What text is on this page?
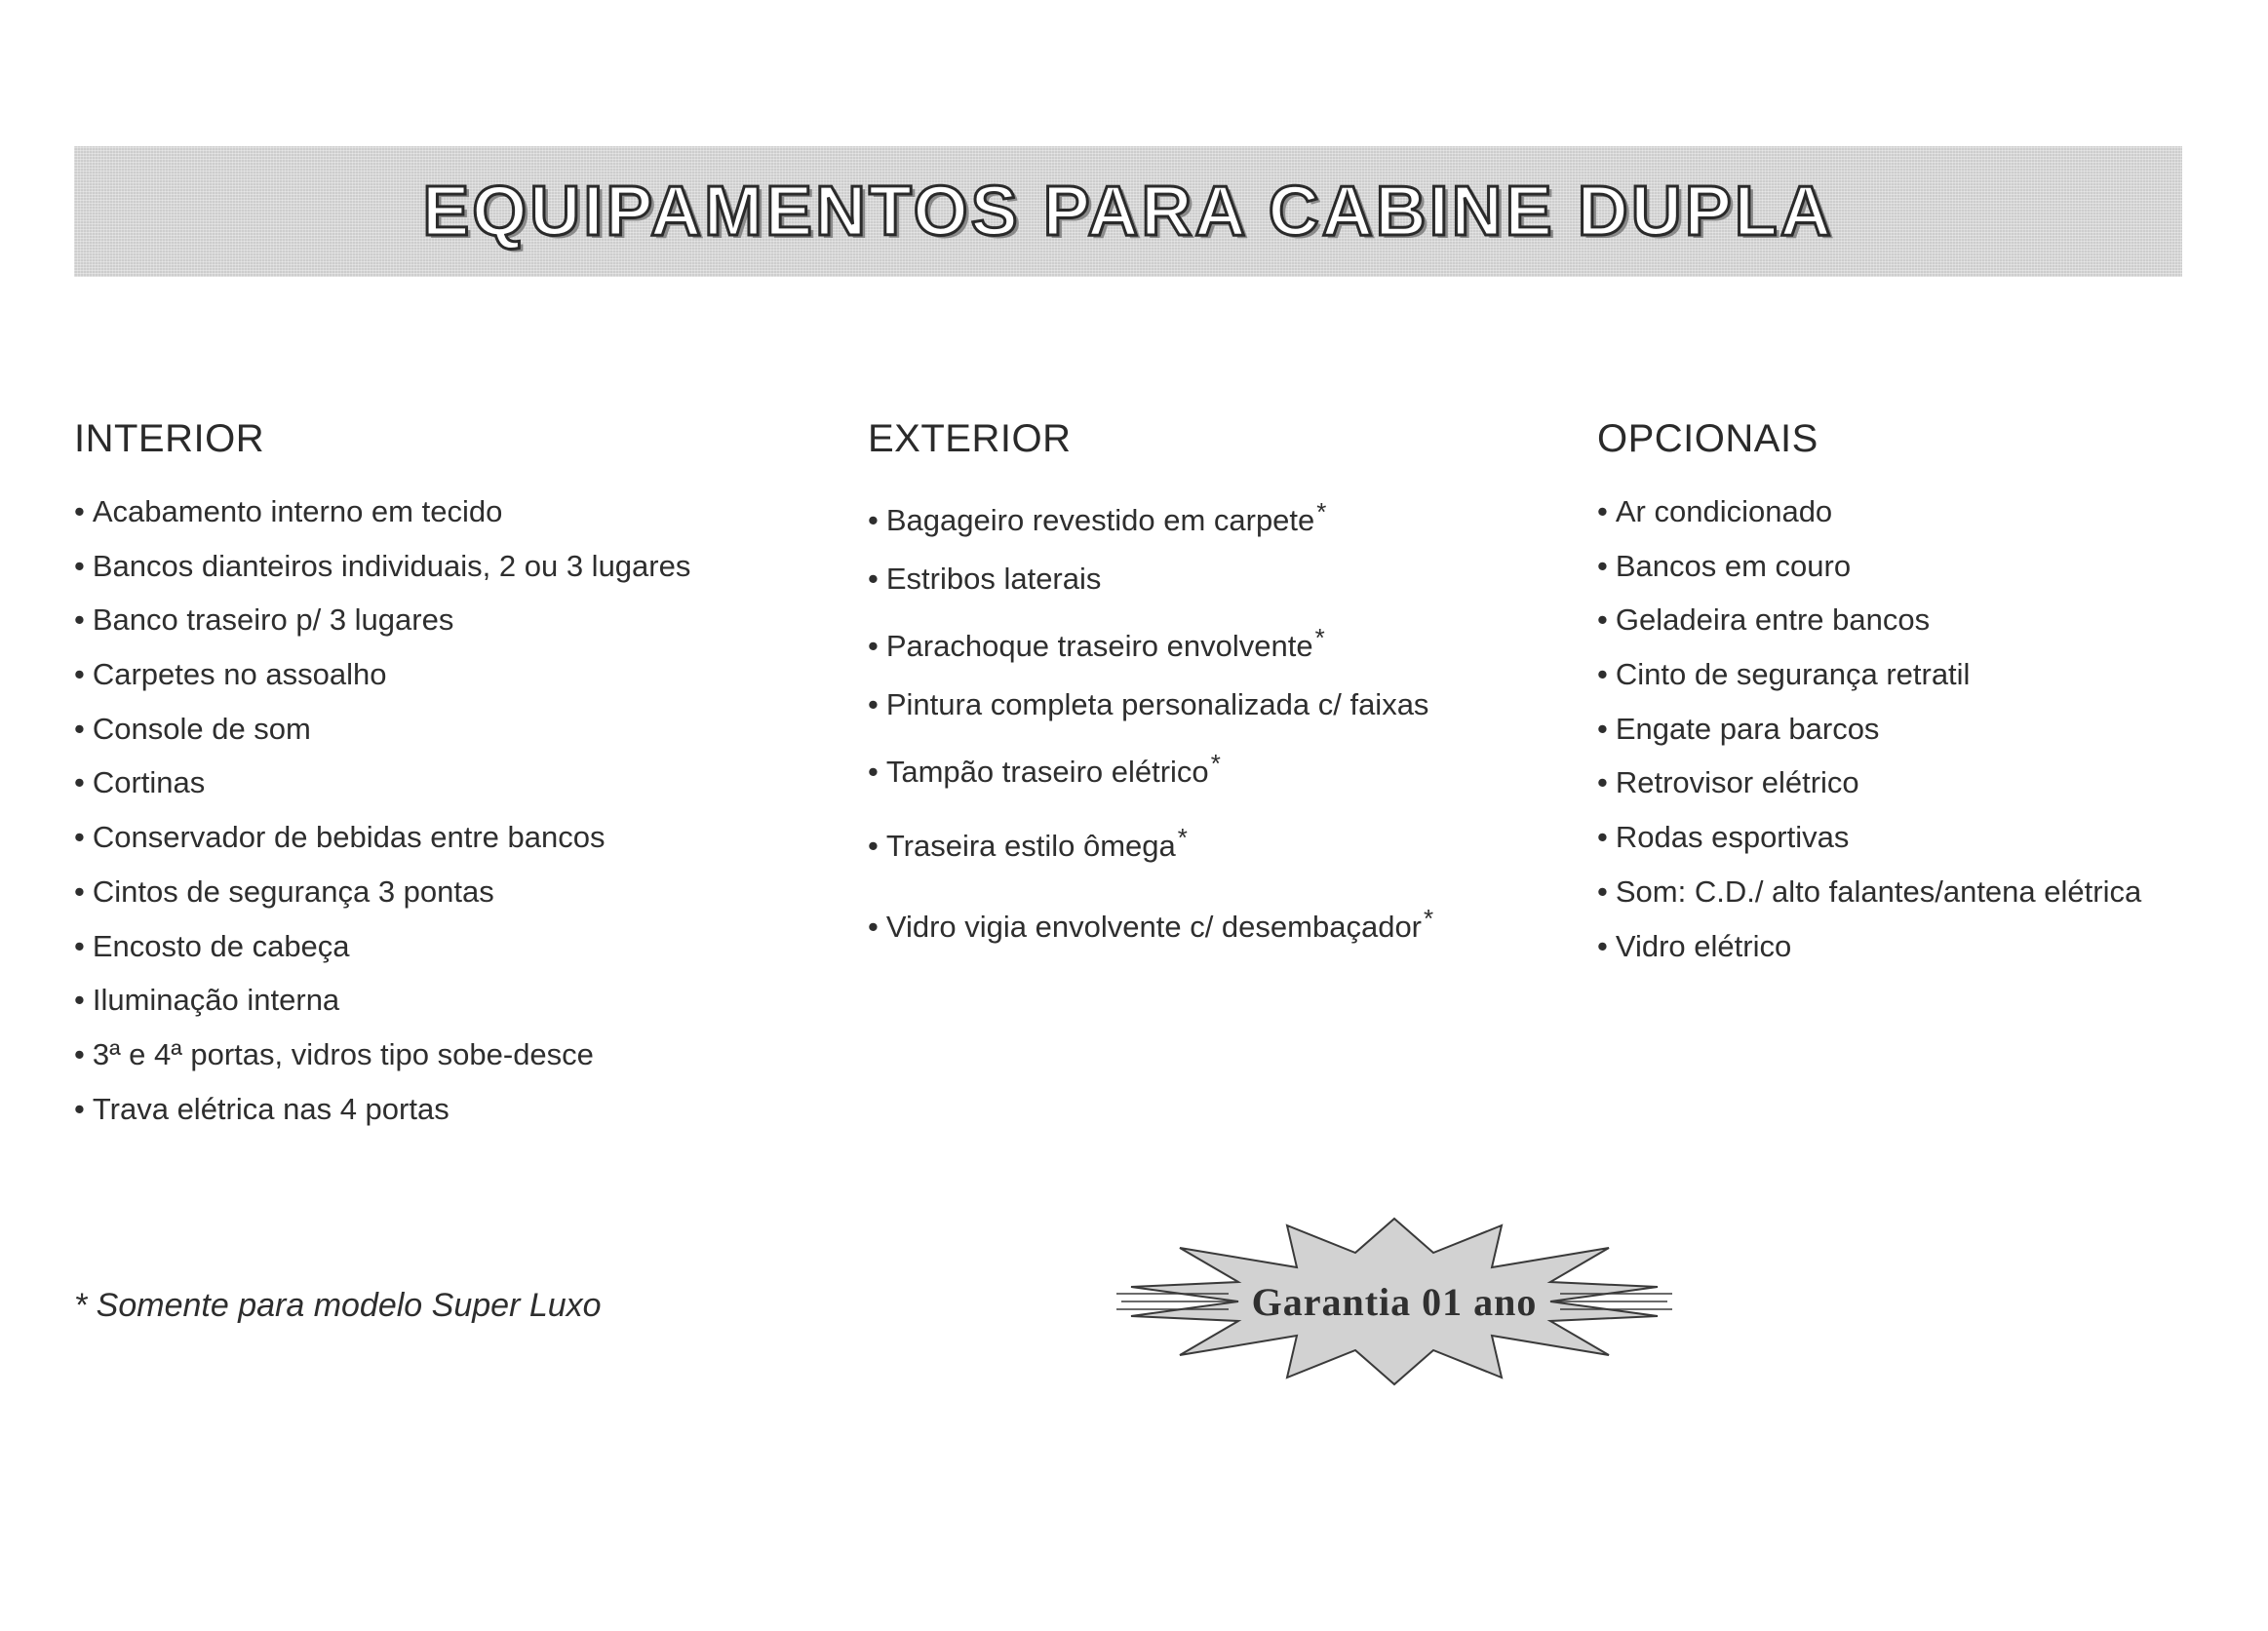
EQUIPAMENTOS PARA CABINE DUPLA
INTERIOR
• Acabamento interno em tecido
• Bancos dianteiros individuais, 2 ou 3 lugares
• Banco traseiro p/ 3 lugares
• Carpetes no assoalho
• Console de som
• Cortinas
• Conservador de bebidas entre bancos
• Cintos de segurança 3 pontas
• Encosto de cabeça
• Iluminação interna
• 3ª e 4ª portas, vidros tipo sobe-desce
• Trava elétrica nas 4 portas
EXTERIOR
• Bagageiro revestido em carpete*
• Estribos laterais
• Parachoque traseiro envolvente*
• Pintura completa personalizada c/ faixas
• Tampão traseiro elétrico*
• Traseira estilo ômega*
• Vidro vigia envolvente c/ desembaçador*
OPCIONAIS
• Ar condicionado
• Bancos em couro
• Geladeira entre bancos
• Cinto de segurança retratil
• Engate para barcos
• Retrovisor elétrico
• Rodas esportivas
• Som: C.D./ alto falantes/antena elétrica
• Vidro elétrico

* Somente para modelo Super Luxo	Garantia 01 ano
